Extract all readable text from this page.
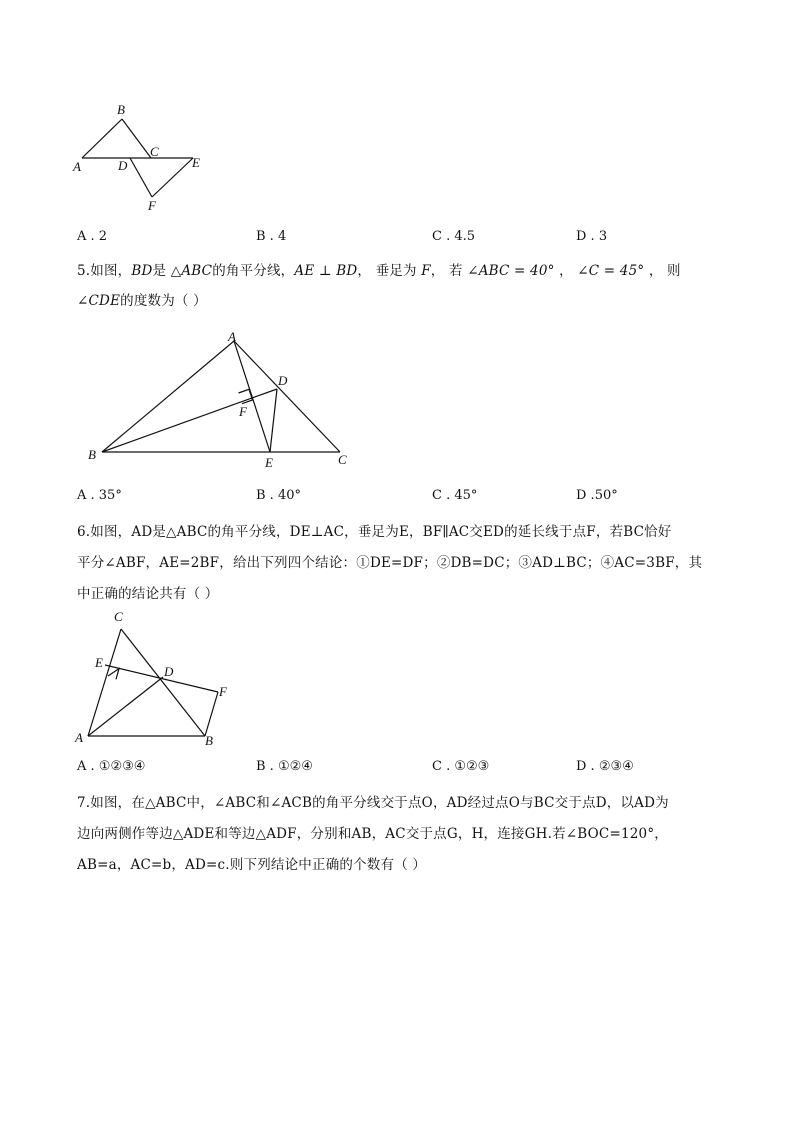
B
A	D
C
E
F
A . 2	B . 4	C . 4.5	D . 3
5.如图，BD是 △ABC的角平分线，AE ⊥ BD， 垂足为 F， 若 ∠ABC = 40° ， ∠C = 45° ， 则
∠CDE的度数为（ ）
A
D
F
B
E	C
A . 35°	B . 40°	C . 45°	D .50°
6.如图，AD是△ABC的角平分线，DE⊥AC，垂足为E，BF∥AC交ED的延长线于点F，若BC恰好
平分∠ABF，AE=2BF，给出下列四个结论：①DE=DF；②DB=DC；③AD⊥BC；④AC=3BF，其
中正确的结论共有（ ）
C
E
D
F
A	B
A . ①②③④	B . ①②④	C . ①②③	D . ②③④
7.如图，在△ABC中，∠ABC和∠ACB的角平分线交于点O，AD经过点O与BC交于点D，以AD为
边向两侧作等边△ADE和等边△ADF，分别和AB，AC交于点G，H，连接GH.若∠BOC=120°，
AB=a，AC=b，AD=c.则下列结论中正确的个数有（ ）
